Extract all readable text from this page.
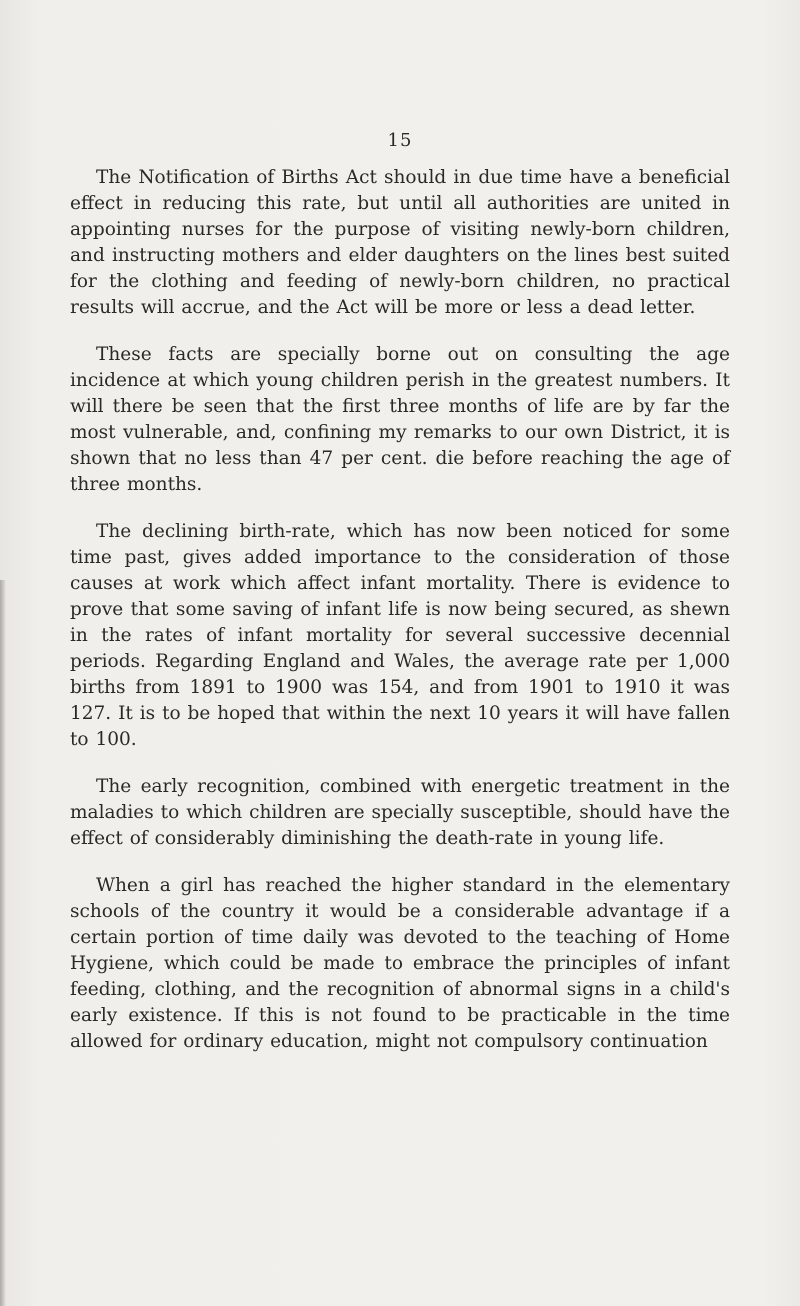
15

The Notification of Births Act should in due time have a beneficial effect in reducing this rate, but until all authorities are united in appointing nurses for the purpose of visiting newly-born children, and instructing mothers and elder daughters on the lines best suited for the clothing and feeding of newly-born children, no practical results will accrue, and the Act will be more or less a dead letter.

These facts are specially borne out on consulting the age incidence at which young children perish in the greatest numbers. It will there be seen that the first three months of life are by far the most vulnerable, and, confining my remarks to our own District, it is shown that no less than 47 per cent. die before reaching the age of three months.

The declining birth-rate, which has now been noticed for some time past, gives added importance to the consideration of those causes at work which affect infant mortality. There is evidence to prove that some saving of infant life is now being secured, as shewn in the rates of infant mortality for several successive decennial periods. Regarding England and Wales, the average rate per 1,000 births from 1891 to 1900 was 154, and from 1901 to 1910 it was 127. It is to be hoped that within the next 10 years it will have fallen to 100.

The early recognition, combined with energetic treatment in the maladies to which children are specially susceptible, should have the effect of considerably diminishing the death-rate in young life.

When a girl has reached the higher standard in the elementary schools of the country it would be a considerable advantage if a certain portion of time daily was devoted to the teaching of Home Hygiene, which could be made to embrace the principles of infant feeding, clothing, and the recognition of abnormal signs in a child's early existence. If this is not found to be practicable in the time allowed for ordinary education, might not compulsory continuation
